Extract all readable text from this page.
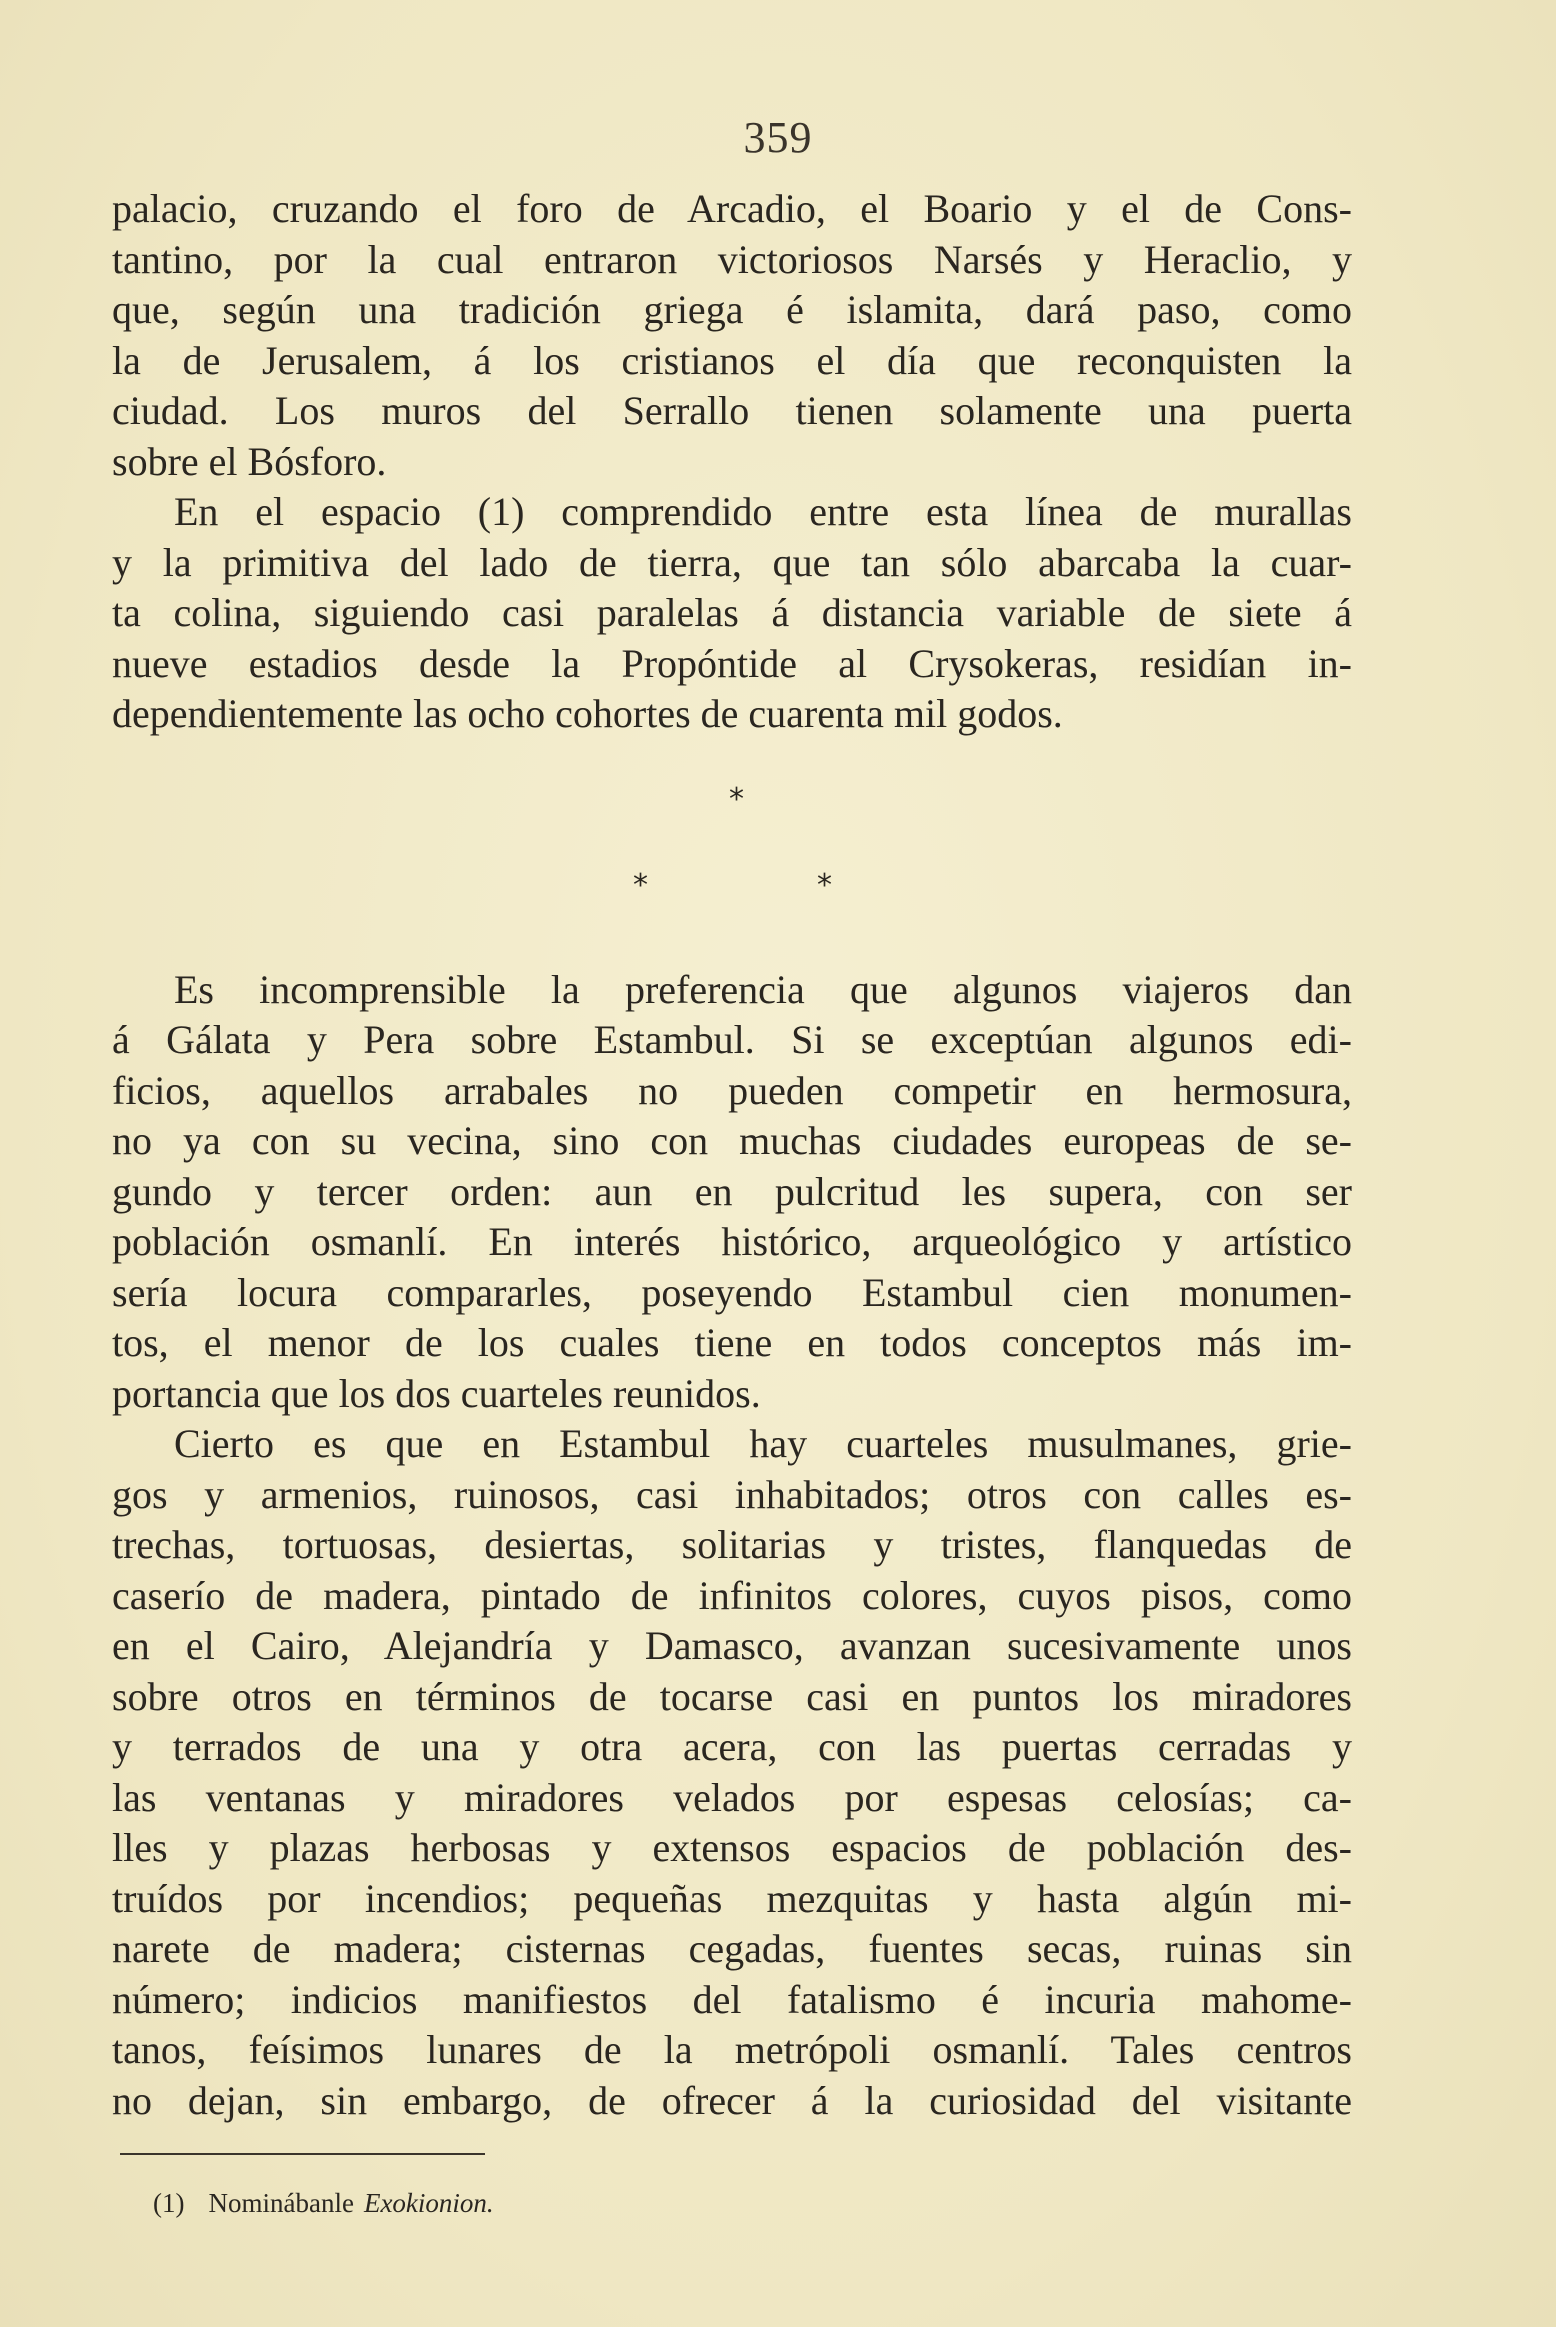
359

palacio, cruzando el foro de Arcadio, el Boario y el de Cons-
tantino, por la cual entraron victoriosos Narsés y Heraclio, y
que, según una tradición griega é islamita, dará paso, como
la de Jerusalem, á los cristianos el día que reconquisten la
ciudad. Los muros del Serrallo tienen solamente una puerta
sobre el Bósforo.

En el espacio (1) comprendido entre esta línea de murallas
y la primitiva del lado de tierra, que tan sólo abarcaba la cuar-
ta colina, siguiendo casi paralelas á distancia variable de siete á
nueve estadios desde la Propóntide al Crysokeras, residían in-
dependientemente las ocho cohortes de cuarenta mil godos.

*
*	*

Es incomprensible la preferencia que algunos viajeros dan
á Gálata y Pera sobre Estambul. Si se exceptúan algunos edi-
ficios, aquellos arrabales no pueden competir en hermosura,
no ya con su vecina, sino con muchas ciudades europeas de se-
gundo y tercer orden: aun en pulcritud les supera, con ser
población osmanlí. En interés histórico, arqueológico y artístico
sería locura compararles, poseyendo Estambul cien monumen-
tos, el menor de los cuales tiene en todos conceptos más im-
portancia que los dos cuarteles reunidos.

Cierto es que en Estambul hay cuarteles musulmanes, grie-
gos y armenios, ruinosos, casi inhabitados; otros con calles es-
trechas, tortuosas, desiertas, solitarias y tristes, flanquedas de
caserío de madera, pintado de infinitos colores, cuyos pisos, como
en el Cairo, Alejandría y Damasco, avanzan sucesivamente unos
sobre otros en términos de tocarse casi en puntos los miradores
y terrados de una y otra acera, con las puertas cerradas y
las ventanas y miradores velados por espesas celosías; ca-
lles y plazas herbosas y extensos espacios de población des-
truídos por incendios; pequeñas mezquitas y hasta algún mi-
narete de madera; cisternas cegadas, fuentes secas, ruinas sin
número; indicios manifiestos del fatalismo é incuria mahome-
tanos, feísimos lunares de la metrópoli osmanlí. Tales centros
no dejan, sin embargo, de ofrecer á la curiosidad del visitante

(1) Nominábanle Exokionion.
